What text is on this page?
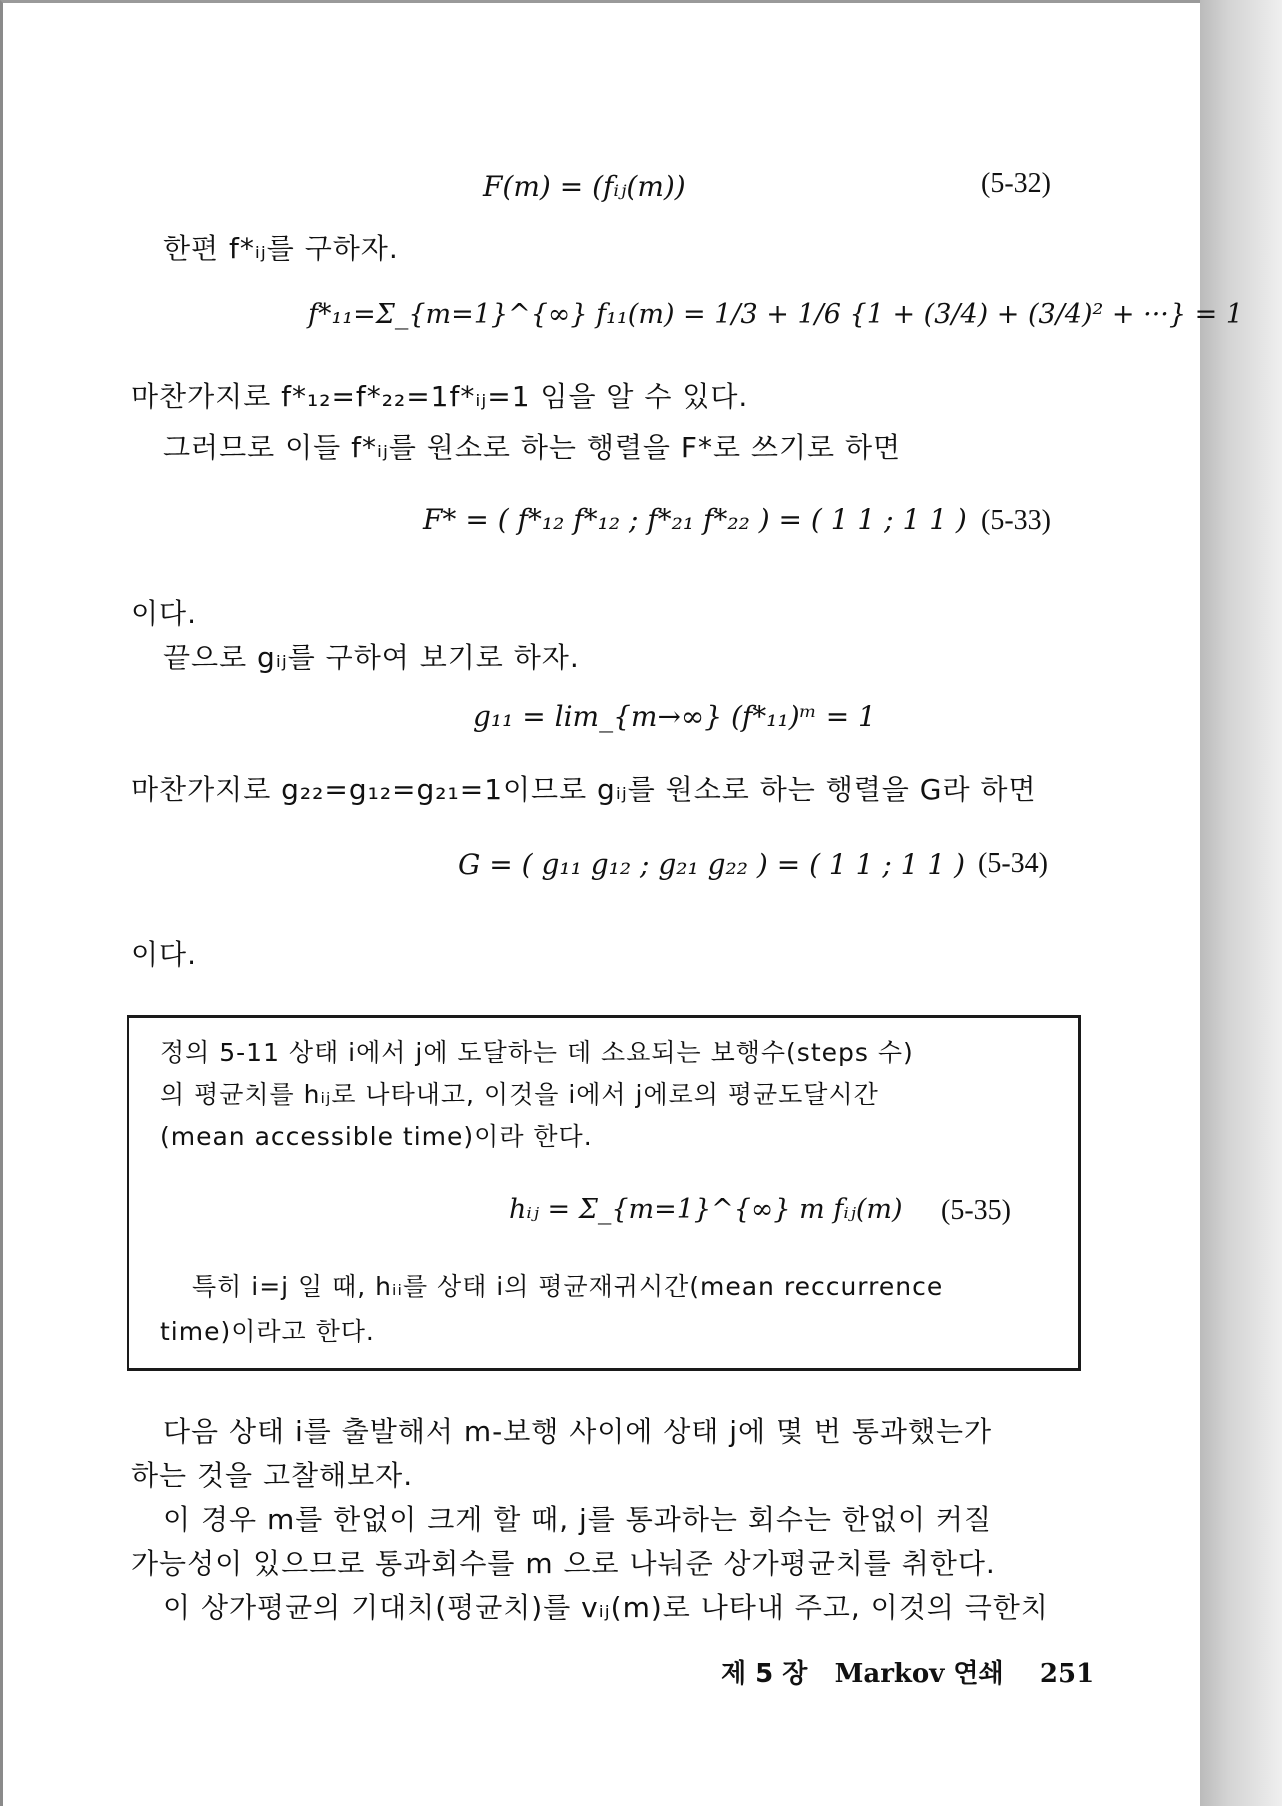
F(m) = (fᵢⱼ(m))	(5-32)
한편 f*ᵢⱼ를 구하자.
f*₁₁=Σ_{m=1}^{∞} f₁₁(m) = 1/3 + 1/6 {1 + (3/4) + (3/4)² + ···} = 1
마찬가지로 f*₁₂=f*₂₂=1f*ᵢⱼ=1 임을 알 수 있다.
그러므로 이들 f*ᵢⱼ를 원소로 하는 행렬을 F*로 쓰기로 하면
F* = ( f*₁₂ f*₁₂ ; f*₂₁ f*₂₂ ) = ( 1 1 ; 1 1 ) (5-33)
이다.
끝으로 gᵢⱼ를 구하여 보기로 하자.
g₁₁ = lim_{m→∞} (f*₁₁)ᵐ = 1
마찬가지로 g₂₂=g₁₂=g₂₁=1이므로 gᵢⱼ를 원소로 하는 행렬을 G라 하면
G = ( g₁₁ g₁₂ ; g₂₁ g₂₂ ) = ( 1 1 ; 1 1 ) (5-34)
이다.
정의 5-11 상태 i에서 j에 도달하는 데 소요되는 보행수(steps 수)
의 평균치를 hᵢⱼ로 나타내고, 이것을 i에서 j에로의 평균도달시간
(mean accessible time)이라 한다.
hᵢⱼ = Σ_{m=1}^{∞} m fᵢⱼ(m) (5-35)
특히 i=j 일 때, hᵢᵢ를 상태 i의 평균재귀시간(mean reccurrence
time)이라고 한다.
다음 상태 i를 출발해서 m-보행 사이에 상태 j에 몇 번 통과했는가
하는 것을 고찰해보자.
이 경우 m를 한없이 크게 할 때, j를 통과하는 회수는 한없이 커질
가능성이 있으므로 통과회수를 m 으로 나눠준 상가평균치를 취한다.
이 상가평균의 기대치(평균치)를 vᵢⱼ(m)로 나타내 주고, 이것의 극한치
제 5 장 Markov 연쇄 251
